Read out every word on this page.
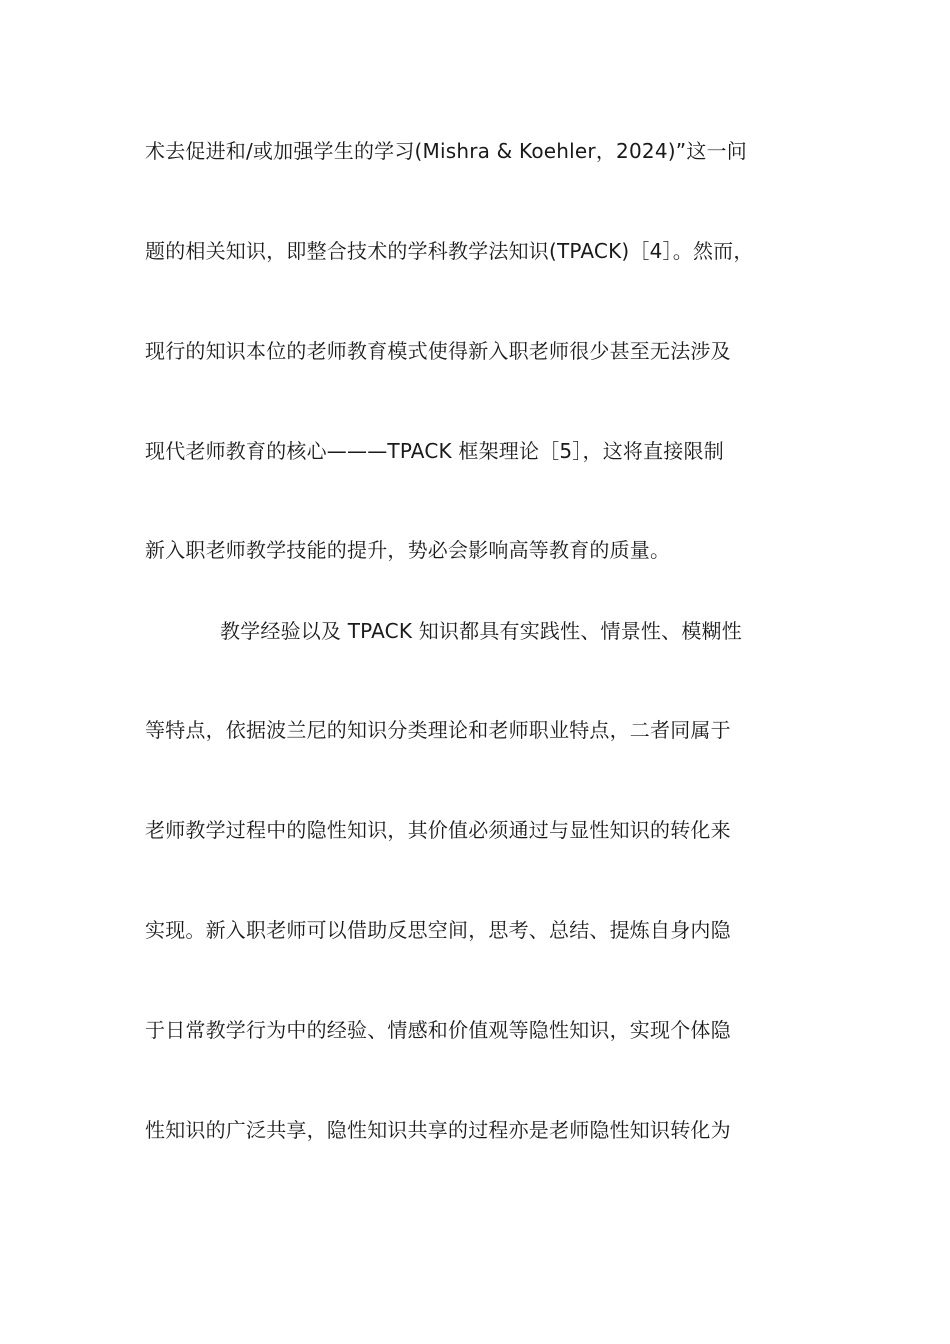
术去促进和/或加强学生的学习(Mishra & Koehler，2024)”这一问
题的相关知识，即整合技术的学科教学法知识(TPACK)［4］。然而，
现行的知识本位的老师教育模式使得新入职老师很少甚至无法涉及
现代老师教育的核心———TPACK 框架理论［5］，这将直接限制
新入职老师教学技能的提升，势必会影响高等教育的质量。
教学经验以及 TPACK 知识都具有实践性、情景性、模糊性
等特点，依据波兰尼的知识分类理论和老师职业特点，二者同属于
老师教学过程中的隐性知识，其价值必须通过与显性知识的转化来
实现。新入职老师可以借助反思空间，思考、总结、提炼自身内隐
于日常教学行为中的经验、情感和价值观等隐性知识，实现个体隐
性知识的广泛共享，隐性知识共享的过程亦是老师隐性知识转化为
